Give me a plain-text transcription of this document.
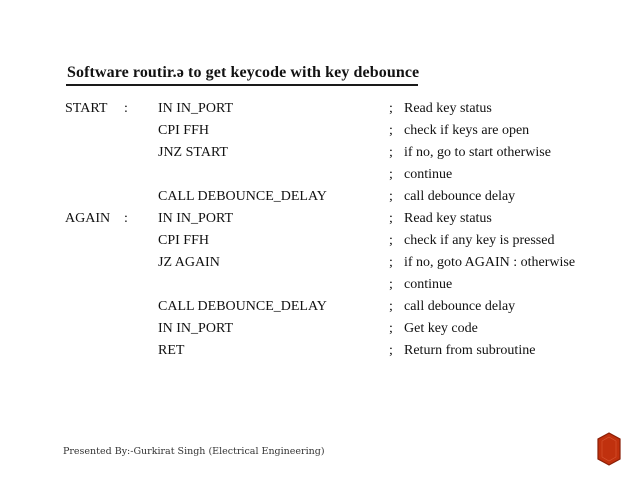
Software routir.ə to get keycode with key debounce
START : IN IN_PORT	; Read key status
CPI FFH	; check if keys are open
JNZ START	; if no, go to start otherwise
; continue
CALL DEBOUNCE_DELAY	; call debounce delay
AGAIN : IN IN_PORT	; Read key status
CPI FFH	; check if any key is pressed
JZ AGAIN	; if no, goto AGAIN : otherwise
; continue
CALL DEBOUNCE_DELAY	; call debounce delay
IN IN_PORT	; Get key code
RET	; Return from subroutine
Presented By:-Gurkirat Singh (Electrical Engineering)
